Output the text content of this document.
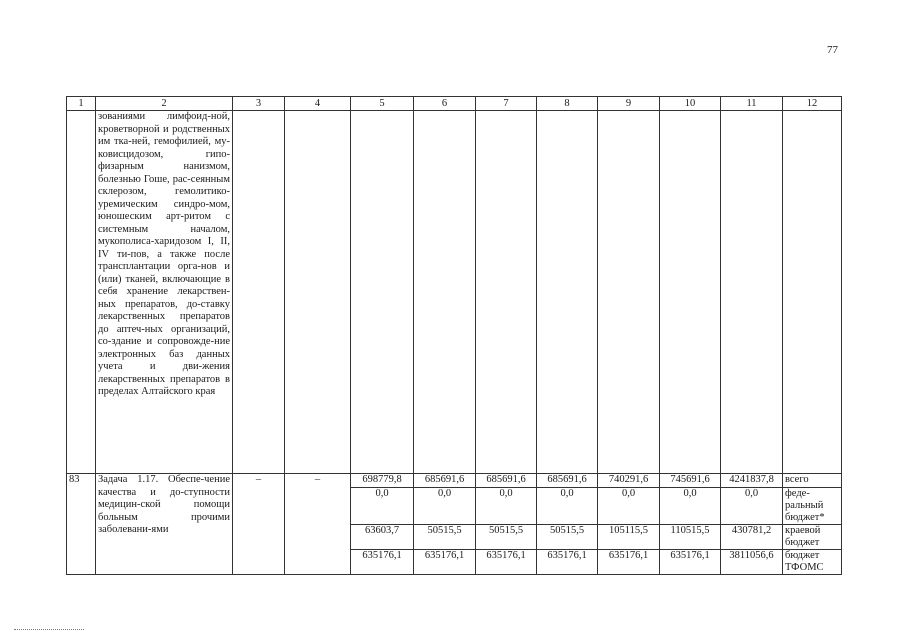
77
1	2	3	4	5	6	7	8	9	10	11	12
	зованиями лимфоид-ной, кроветворной и родственных им тка-ней, гемофилией, му-ковисцидозом, гипо-физарным нанизмом, болезнью Гоше, рас-сеянным склерозом, гемолитико-уремическим синдро-мом, юношеским арт-ритом с системным началом, мукополиса-харидозом I, II, IV ти-пов, а также после трансплантации орга-нов и (или) тканей, включающие в себя хранение лекарствен-ных препаратов, до-ставку лекарственных препаратов до аптеч-ных организаций, со-здание и сопровожде-ние электронных баз данных учета и дви-жения лекарственных препаратов в пределах Алтайского края										
83	Задача 1.17. Обеспе-чение качества и до-ступности медицин-ской помощи больным прочими заболевани-ями	–	–	698779,8	685691,6	685691,6	685691,6	740291,6	745691,6	4241837,8	всего
				0,0	0,0	0,0	0,0	0,0	0,0	0,0	феде-ральный бюджет*
				63603,7	50515,5	50515,5	50515,5	105115,5	110515,5	430781,2	краевой бюджет
				635176,1	635176,1	635176,1	635176,1	635176,1	635176,1	3811056,6	бюджет ТФОМС
